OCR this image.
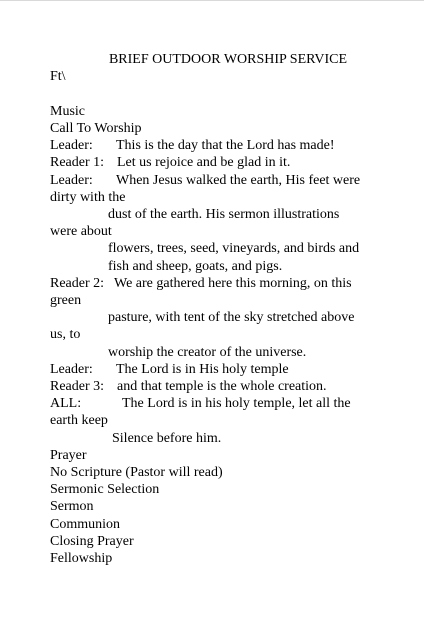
BRIEF OUTDOOR WORSHIP SERVICE
Ft\
Music
Call To Worship
Leader: This is the day that the Lord has made!
Reader 1: Let us rejoice and be glad in it.
Leader: When Jesus walked the earth, His feet were
dirty with the
dust of the earth. His sermon illustrations
were about
flowers, trees, seed, vineyards, and birds and
fish and sheep, goats, and pigs.
Reader 2: We are gathered here this morning, on this
green
pasture, with tent of the sky stretched above
us, to
worship the creator of the universe.
Leader: The Lord is in His holy temple
Reader 3: and that temple is the whole creation.
ALL:	The Lord is in his holy temple, let all the
earth keep
Silence before him.
Prayer
No Scripture (Pastor will read)
Sermonic Selection
Sermon
Communion
Closing Prayer
Fellowship
